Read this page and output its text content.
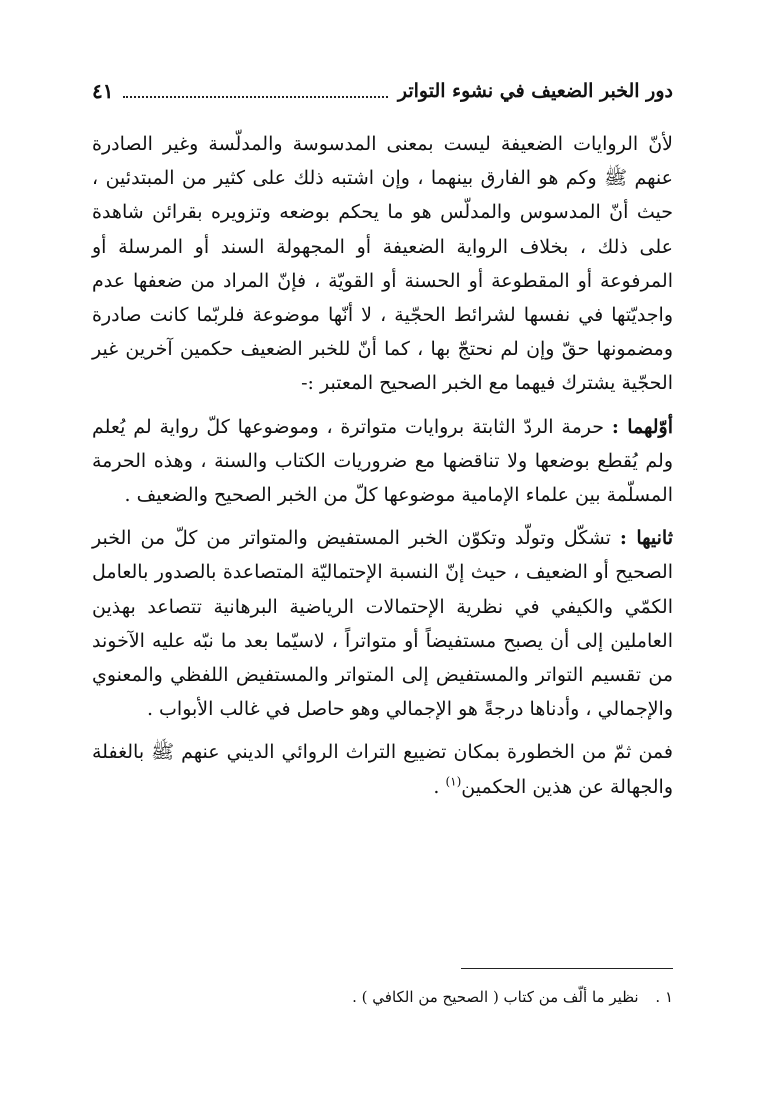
دور الخبر الضعيف في نشوء التواتر
٤١

لأنّ الروايات الضعيفة ليست بمعنى المدسوسة والمدلّسة وغير الصادرة عنهم ﷺ وكم هو الفارق بينهما ، وإن اشتبه ذلك على كثير من المبتدئين ، حيث أنّ المدسوس والمدلّس هو ما يحكم بوضعه وتزويره بقرائن شاهدة على ذلك ، بخلاف الرواية الضعيفة أو المجهولة السند أو المرسلة أو المرفوعة أو المقطوعة أو الحسنة أو القويّة ، فإنّ المراد من ضعفها عدم واجديّتها في نفسها لشرائط الحجّية ، لا أنّها موضوعة فلربّما كانت صادرة ومضمونها حقّ وإن لم نحتجّ بها ، كما أنّ للخبر الضعيف حكمين آخرين غير الحجّية يشترك فيهما مع الخبر الصحيح المعتبر :-

أوّلهما : حرمة الردّ الثابتة بروايات متواترة ، وموضوعها كلّ رواية لم يُعلم ولم يُقطع بوضعها ولا تناقضها مع ضروريات الكتاب والسنة ، وهذه الحرمة المسلّمة بين علماء الإمامية موضوعها كلّ من الخبر الصحيح والضعيف .

ثانيها : تشكّل وتولّد وتكوّن الخبر المستفيض والمتواتر من كلّ من الخبر الصحيح أو الضعيف ، حيث إنّ النسبة الإحتماليّة المتصاعدة بالصدور بالعامل الكمّي والكيفي في نظرية الإحتمالات الرياضية البرهانية تتصاعد بهذين العاملين إلى أن يصبح مستفيضاً أو متواتراً ، لاسيّما بعد ما نبّه عليه الآخوند من تقسيم التواتر والمستفيض إلى المتواتر والمستفيض اللفظي والمعنوي والإجمالي ، وأدناها درجةً هو الإجمالي وهو حاصل في غالب الأبواب .

فمن ثمّ من الخطورة بمكان تضييع التراث الروائي الديني عنهم ﷺ بالغفلة والجهالة عن هذين الحكمين$^{(١)}$ .

١ . نظير ما ألّف من كتاب ( الصحيح من الكافي ) .
